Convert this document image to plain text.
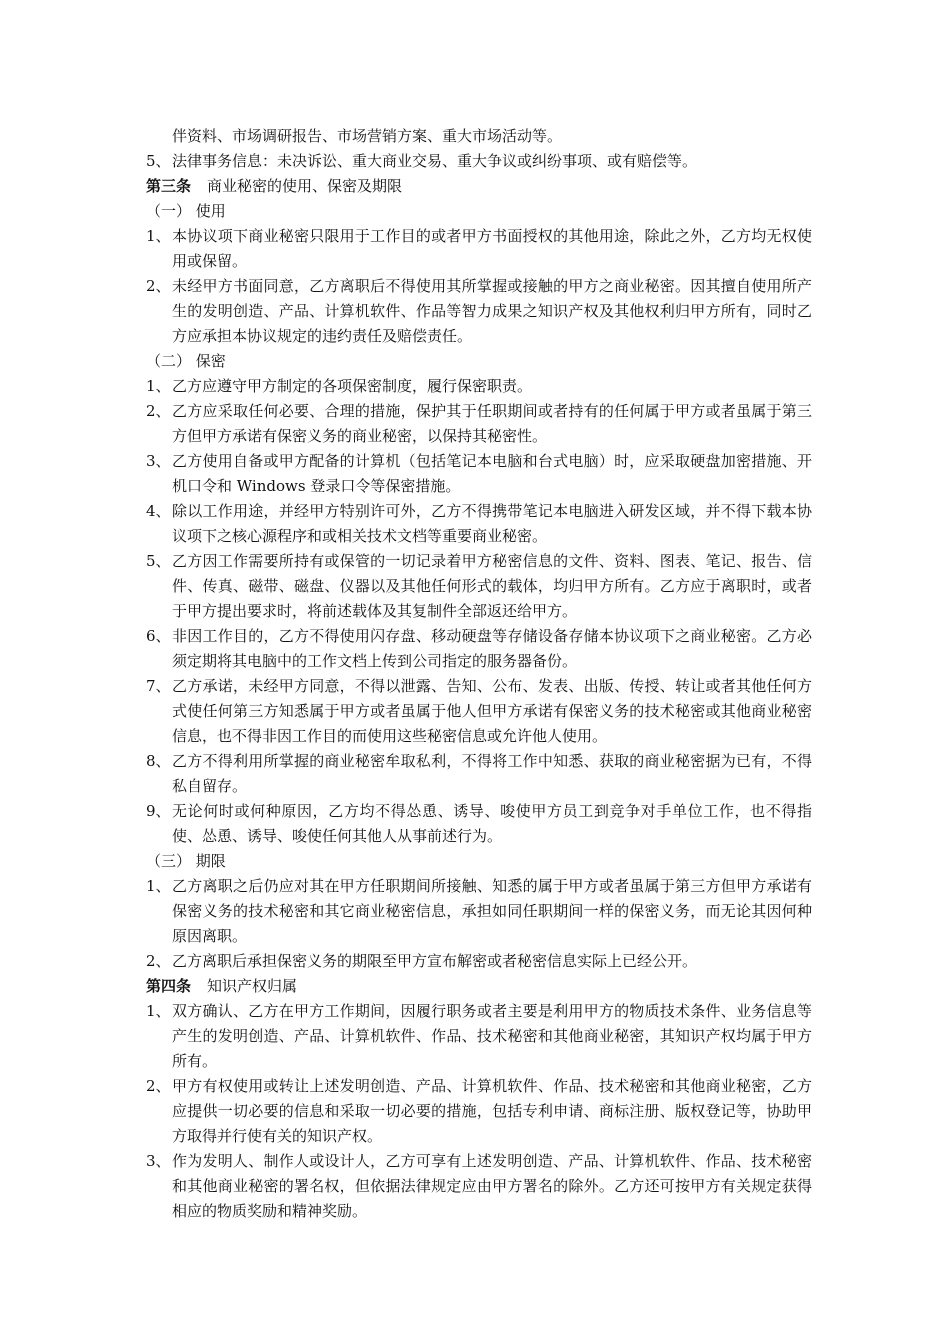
伴资料、市场调研报告、市场营销方案、重大市场活动等。
5、 法律事务信息：未决诉讼、重大商业交易、重大争议或纠纷事项、或有赔偿等。
第三条 商业秘密的使用、保密及期限
（一） 使用
1、 本协议项下商业秘密只限用于工作目的或者甲方书面授权的其他用途，除此之外，乙方均无权使用或保留。
2、 未经甲方书面同意，乙方离职后不得使用其所掌握或接触的甲方之商业秘密。因其擅自使用所产生的发明创造、产品、计算机软件、作品等智力成果之知识产权及其他权利归甲方所有，同时乙方应承担本协议规定的违约责任及赔偿责任。
（二） 保密
1、 乙方应遵守甲方制定的各项保密制度，履行保密职责。
2、 乙方应采取任何必要、合理的措施，保护其于任职期间或者持有的任何属于甲方或者虽属于第三方但甲方承诺有保密义务的商业秘密，以保持其秘密性。
3、 乙方使用自备或甲方配备的计算机（包括笔记本电脑和台式电脑）时，应采取硬盘加密措施、开机口令和 Windows 登录口令等保密措施。
4、 除以工作用途，并经甲方特别许可外，乙方不得携带笔记本电脑进入研发区域，并不得下载本协议项下之核心源程序和或相关技术文档等重要商业秘密。
5、 乙方因工作需要所持有或保管的一切记录着甲方秘密信息的文件、资料、图表、笔记、报告、信件、传真、磁带、磁盘、仪器以及其他任何形式的载体，均归甲方所有。乙方应于离职时，或者于甲方提出要求时，将前述载体及其复制件全部返还给甲方。
6、 非因工作目的，乙方不得使用闪存盘、移动硬盘等存储设备存储本协议项下之商业秘密。乙方必须定期将其电脑中的工作文档上传到公司指定的服务器备份。
7、 乙方承诺，未经甲方同意，不得以泄露、告知、公布、发表、出版、传授、转让或者其他任何方式使任何第三方知悉属于甲方或者虽属于他人但甲方承诺有保密义务的技术秘密或其他商业秘密信息，也不得非因工作目的而使用这些秘密信息或允许他人使用。
8、 乙方不得利用所掌握的商业秘密牟取私利，不得将工作中知悉、获取的商业秘密据为已有，不得私自留存。
9、 无论何时或何种原因，乙方均不得怂恿、诱导、唆使甲方员工到竞争对手单位工作，也不得指使、怂恿、诱导、唆使任何其他人从事前述行为。
（三） 期限
1、 乙方离职之后仍应对其在甲方任职期间所接触、知悉的属于甲方或者虽属于第三方但甲方承诺有保密义务的技术秘密和其它商业秘密信息，承担如同任职期间一样的保密义务，而无论其因何种原因离职。
2、 乙方离职后承担保密义务的期限至甲方宣布解密或者秘密信息实际上已经公开。
第四条 知识产权归属
1、 双方确认、乙方在甲方工作期间，因履行职务或者主要是利用甲方的物质技术条件、业务信息等产生的发明创造、产品、计算机软件、作品、技术秘密和其他商业秘密，其知识产权均属于甲方所有。
2、 甲方有权使用或转让上述发明创造、产品、计算机软件、作品、技术秘密和其他商业秘密，乙方应提供一切必要的信息和采取一切必要的措施，包括专利申请、商标注册、版权登记等，协助甲方取得并行使有关的知识产权。
3、 作为发明人、制作人或设计人，乙方可享有上述发明创造、产品、计算机软件、作品、技术秘密和其他商业秘密的署名权，但依据法律规定应由甲方署名的除外。乙方还可按甲方有关规定获得相应的物质奖励和精神奖励。
